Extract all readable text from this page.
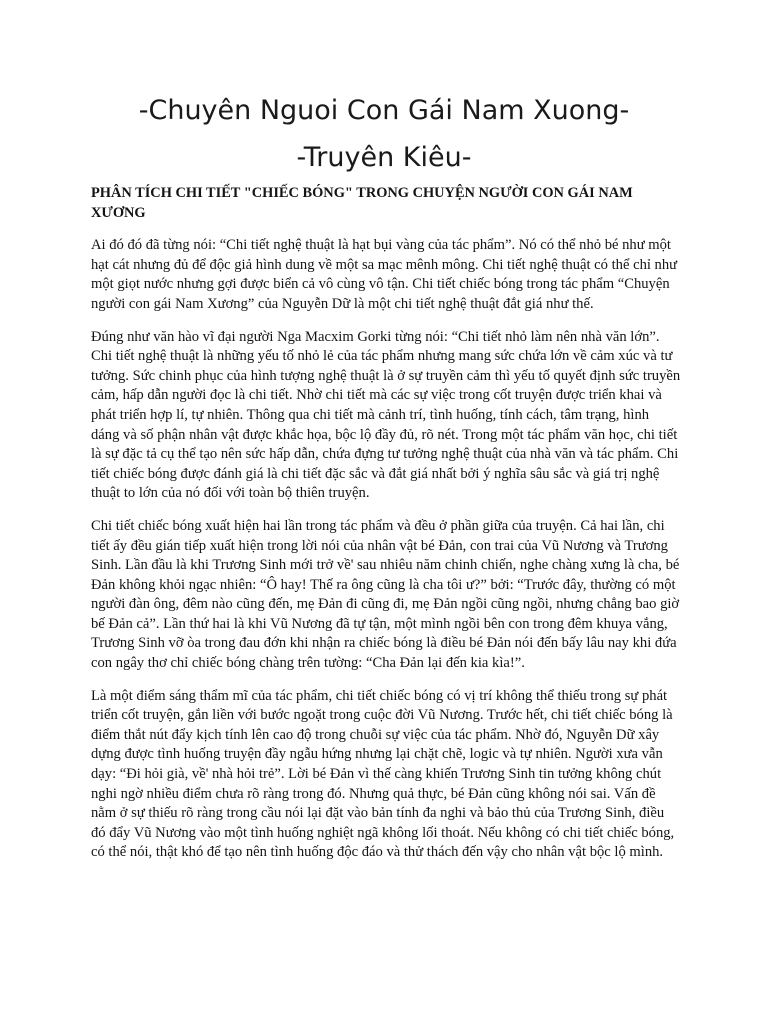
-Chuyên Nguoi Con Gái Nam Xuong-
-Truyên Kiêu-

PHÂN TÍCH CHI TIẾT "CHIẾC BÓNG" TRONG CHUYỆN NGƯỜI CON GÁI NAM XƯƠNG

Ai đó đó đã từng nói: “Chi tiết nghệ thuật là hạt bụi vàng của tác phẩm”. Nó có thể nhỏ bé như một hạt cát nhưng đủ để độc giả hình dung về một sa mạc mênh mông. Chi tiết nghệ thuật có thể chỉ như một giọt nước nhưng gợi được biển cả vô cùng vô tận. Chi tiết chiếc bóng trong tác phẩm “Chuyện người con gái Nam Xương” của Nguyễn Dữ là một chi tiết nghệ thuật đắt giá như thế.

Đúng như văn hào vĩ đại người Nga Macxim Gorki từng nói: “Chi tiết nhỏ làm nên nhà văn lớn”. Chi tiết nghệ thuật là những yếu tố nhỏ lẻ của tác phẩm nhưng mang sức chứa lớn về cảm xúc và tư tưởng. Sức chinh phục của hình tượng nghệ thuật là ở sự truyền cảm thì yếu tố quyết định sức truyền cảm, hấp dẫn người đọc là chi tiết. Nhờ chi tiết mà các sự việc trong cốt truyện được triển khai và phát triển hợp lí, tự nhiên. Thông qua chi tiết mà cảnh trí, tình huống, tính cách, tâm trạng, hình dáng và số phận nhân vật được khắc họa, bộc lộ đầy đủ, rõ nét. Trong một tác phẩm văn học, chi tiết là sự đặc tả cụ thể tạo nên sức hấp dẫn, chứa đựng tư tưởng nghệ thuật của nhà văn và tác phẩm. Chi tiết chiếc bóng được đánh giá là chi tiết đặc sắc và đắt giá nhất bởi ý nghĩa sâu sắc và giá trị nghệ thuật to lớn của nó đối với toàn bộ thiên truyện.

Chi tiết chiếc bóng xuất hiện hai lần trong tác phẩm và đều ở phần giữa của truyện. Cả hai lần, chi tiết ấy đều gián tiếp xuất hiện trong lời nói của nhân vật bé Đản, con trai của Vũ Nương và Trương Sinh. Lần đầu là khi Trương Sinh mới trở về' sau nhiêu năm chinh chiến, nghe chàng xưng là cha, bé Đản không khỏi ngạc nhiên: “Ô hay! Thế ra ông cũng là cha tôi ư?” bởi: “Trước đây, thường có một người đàn ông, đêm nào cũng đến, mẹ Đản đi cũng đi, mẹ Đản ngồi cũng ngồi, nhưng chẳng bao giờ bế Đản cả”. Lần thứ hai là khi Vũ Nương đã tự tận, một mình ngồi bên con trong đêm khuya vắng, Trương Sinh vỡ òa trong đau đớn khi nhận ra chiếc bóng là điều bé Đản nói đến bấy lâu nay khi đứa con ngây thơ chỉ chiếc bóng chàng trên tường: “Cha Đản lại đến kia kìa!”.

Là một điểm sáng thẩm mĩ của tác phẩm, chi tiết chiếc bóng có vị trí không thể thiếu trong sự phát triển cốt truyện, gắn liền với bước ngoặt trong cuộc đời Vũ Nương. Trước hết, chi tiết chiếc bóng là điểm thắt nút đẩy kịch tính lên cao độ trong chuỗi sự việc của tác phẩm. Nhờ đó, Nguyễn Dữ xây dựng được tình huống truyện đầy ngẫu hứng nhưng lại chặt chẽ, logic và tự nhiên. Người xưa vẫn dạy: “Đi hỏi già, về' nhà hỏi trẻ”. Lời bé Đản vì thế càng khiến Trương Sinh tin tưởng không chút nghi ngờ nhiều điểm chưa rõ ràng trong đó. Nhưng quả thực, bé Đản cũng không nói sai. Vấn đề nằm ở sự thiếu rõ ràng trong cầu nói lại đặt vào bản tính đa nghi và bảo thủ của Trương Sinh, điều đó đẩy Vũ Nương vào một tình huống nghiệt ngã không lối thoát. Nếu không có chi tiết chiếc bóng, có thể nói, thật khó để tạo nên tình huống độc đáo và thử thách đến vậy cho nhân vật bộc lộ mình.
